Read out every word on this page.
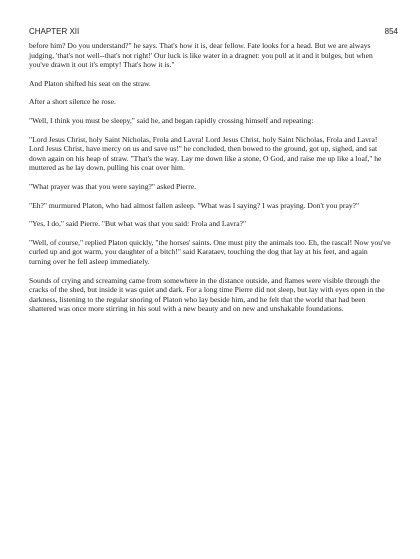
CHAPTER XII	854

before him? Do you understand?" he says. That's how it is, dear fellow. Fate looks for a head. But we are always judging, 'that's not well--that's not right!' Our luck is like water in a dragnet: you pull at it and it bulges, but when you've drawn it out it's empty! That's how it is."

And Platon shifted his seat on the straw.

After a short silence he rose.

"Well, I think you must be sleepy," said he, and began rapidly crossing himself and repeating:

"Lord Jesus Christ, holy Saint Nicholas, Frola and Lavra! Lord Jesus Christ, holy Saint Nicholas, Frola and Lavra! Lord Jesus Christ, have mercy on us and save us!" he concluded, then bowed to the ground, got up, sighed, and sat down again on his heap of straw. "That's the way. Lay me down like a stone, O God, and raise me up like a loaf," he muttered as he lay down, pulling his coat over him.

"What prayer was that you were saying?" asked Pierre.

"Eh?" murmured Platon, who had almost fallen asleep. "What was I saying? I was praying. Don't you pray?"

"Yes, I do," said Pierre. "But what was that you said: Frola and Lavra?"

"Well, of course," replied Platon quickly, "the horses' saints. One must pity the animals too. Eh, the rascal! Now you've curled up and got warm, you daughter of a bitch!" said Karataev, touching the dog that lay at his feet, and again turning over he fell asleep immediately.

Sounds of crying and screaming came from somewhere in the distance outside, and flames were visible through the cracks of the shed, but inside it was quiet and dark. For a long time Pierre did not sleep, but lay with eyes open in the darkness, listening to the regular snoring of Platon who lay beside him, and he felt that the world that had been shattered was once more stirring in his soul with a new beauty and on new and unshakable foundations.
